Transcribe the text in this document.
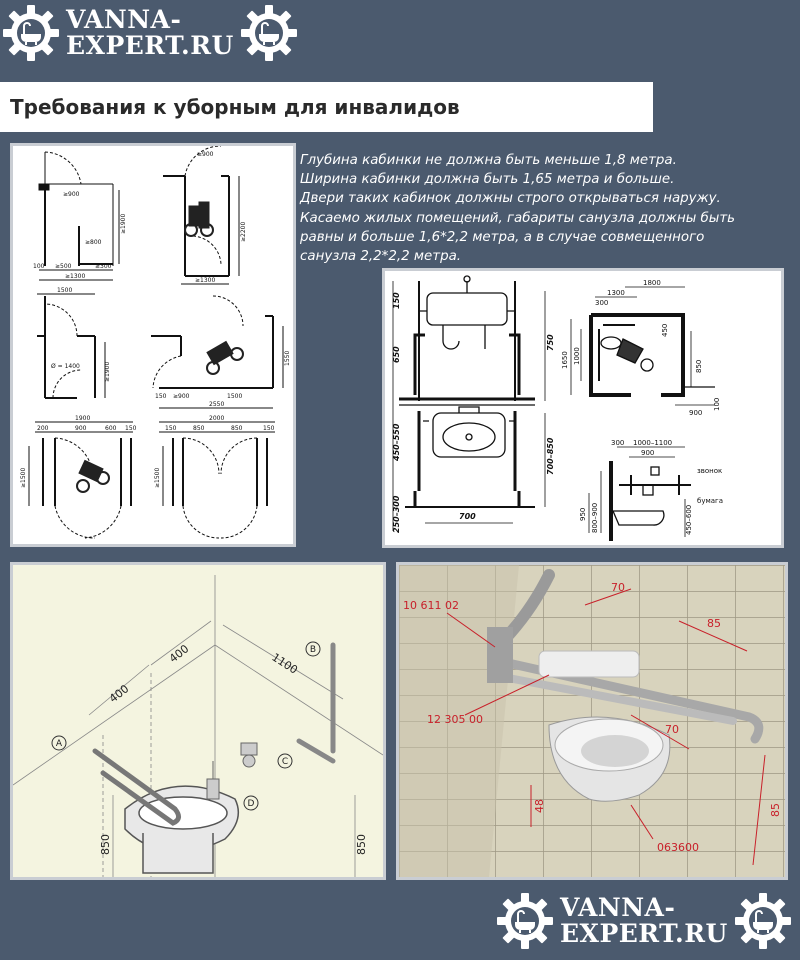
VANNA-
EXPERT.RU
Требования к уборным для инвалидов

Глубина кабинки не должна быть меньше 1,8 метра.

Ширина кабинки должна быть 1,65 метра и больше.

Двери таких кабинок должны строго открываться наружу.

Касаемо жилых помещений, габариты санузла должны быть

равны и больше 1,6*2,2 метра, а в случае совмещенного

санузла 2,2*2,2 метра.

≥900
≥1900
≥800
100 ≥500	≥300
≥1300
≥900
≥2200
≥1300
1500
Ø = 1400	≥1900
1550
150 ≥900	1500
2550
1900
200	900	600 150
≥1500
2000
150	850	850	150
≥1500
150
650
750
450–550	700–850
250–300	700
1800
1300
300
450
1650 1000
850
900
100
300 1000–1100
900
звонок
бумага
950 800–900	450–600
A
B
C
D
400
400	1100
850	850
10 611 02
12 305 00
063600
70
85
70
48	85
VANNA-
EXPERT.RU
